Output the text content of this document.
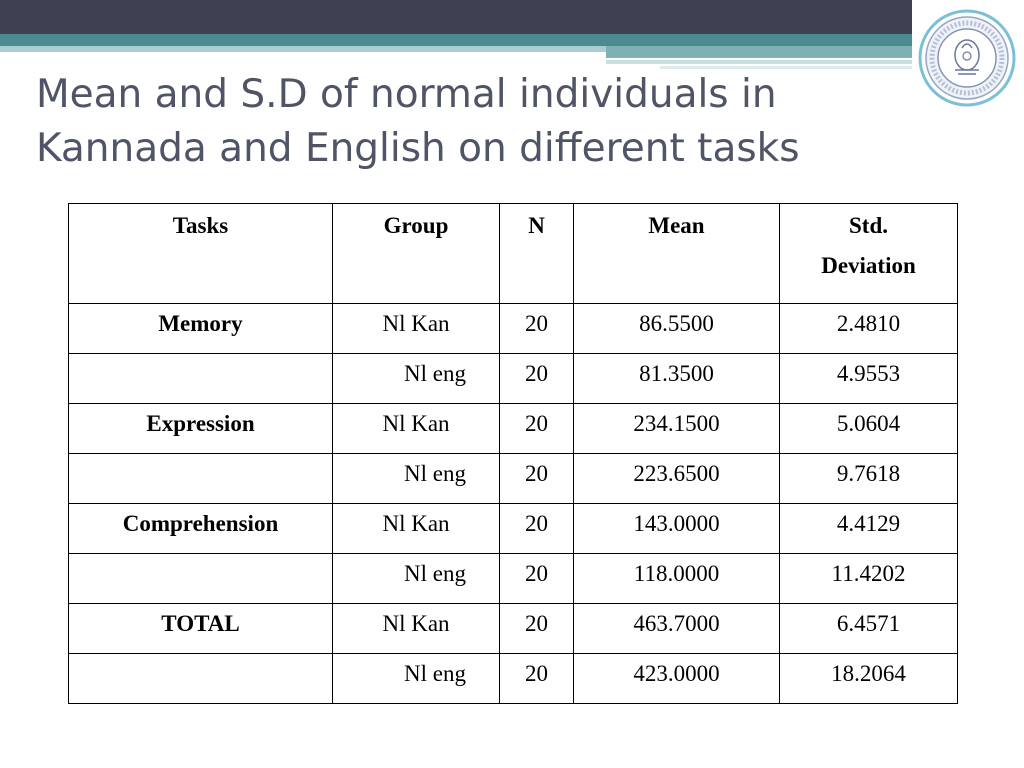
Mean and S.D of normal individuals in Kannada and English on different tasks
Tasks	Group	N	Mean	Std.
Deviation
Memory	Nl Kan	20	86.5500	2.4810
	Nl eng	20	81.3500	4.9553
Expression	Nl Kan	20	234.1500	5.0604
	Nl eng	20	223.6500	9.7618
Comprehension	Nl Kan	20	143.0000	4.4129
	Nl eng	20	118.0000	11.4202
TOTAL	Nl Kan	20	463.7000	6.4571
	Nl eng	20	423.0000	18.2064
